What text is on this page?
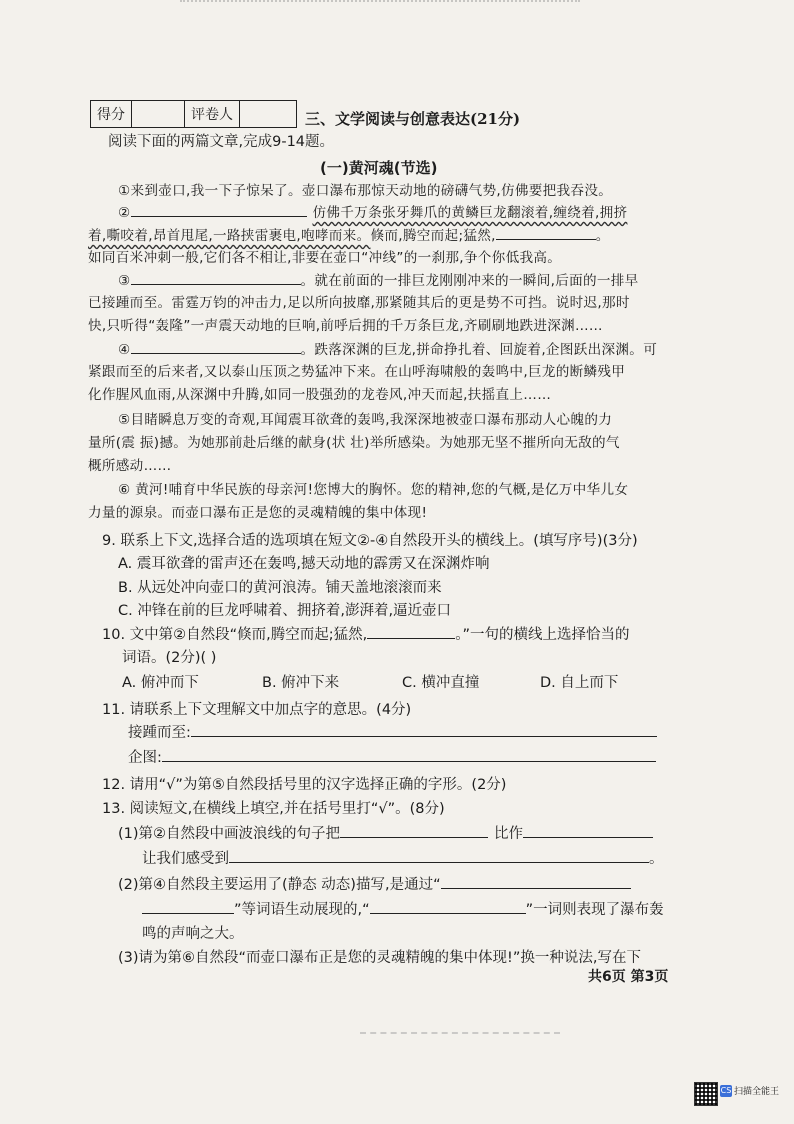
得分		评卷人		三、文学阅读与创意表达(21分)
阅读下面的两篇文章,完成9-14题。
(一)黄河魂(节选)
①来到壶口,我一下子惊呆了。壶口瀑布那惊天动地的磅礴气势,仿佛要把我吞没。
②	仿佛千万条张牙舞爪的黄鳞巨龙翻滚着,缠绕着,拥挤
着,嘶咬着,昂首甩尾,一路挟雷裹电,咆哮而来。倏而,腾空而起;猛然,	。
如同百米冲刺一般,它们各不相让,非要在壶口“冲线”的一刹那,争个你低我高。
③	。就在前面的一排巨龙刚刚冲来的一瞬间,后面的一排早
已接踵而至。雷霆万钧的冲击力,足以所向披靡,那紧随其后的更是势不可挡。说时迟,那时
快,只听得“轰隆”一声震天动地的巨响,前呼后拥的千万条巨龙,齐刷刷地跌进深渊……
④	。跌落深渊的巨龙,拼命挣扎着、回旋着,企图跃出深渊。可
紧跟而至的后来者,又以泰山压顶之势猛冲下来。在山呼海啸般的轰鸣中,巨龙的断鳞残甲
化作腥风血雨,从深渊中升腾,如同一股强劲的龙卷风,冲天而起,扶摇直上……
⑤目睹瞬息万变的奇观,耳闻震耳欲聋的轰鸣,我深深地被壶口瀑布那动人心魄的力
量所(震 振)撼。为她那前赴后继的献身(状 壮)举所感染。为她那无坚不摧所向无敌的气
概所感动……
⑥ 黄河!哺育中华民族的母亲河!您博大的胸怀。您的精神,您的气概,是亿万中华儿女
力量的源泉。而壶口瀑布正是您的灵魂精魄的集中体现!
9. 联系上下文,选择合适的选项填在短文②-④自然段开头的横线上。(填写序号)(3分)
A. 震耳欲聋的雷声还在轰鸣,撼天动地的霹雳又在深渊炸响
B. 从远处冲向壶口的黄河浪涛。铺天盖地滚滚而来
C. 冲锋在前的巨龙呼啸着、拥挤着,澎湃着,逼近壶口
10. 文中第②自然段“倏而,腾空而起;猛然,	。”一句的横线上选择恰当的
词语。(2分)( )
A. 俯冲而下	B. 俯冲下来	C. 横冲直撞	D. 自上而下
11. 请联系上下文理解文中加点字的意思。(4分)
接踵而至:
企图:
12. 请用“√”为第⑤自然段括号里的汉字选择正确的字形。(2分)
13. 阅读短文,在横线上填空,并在括号里打“√”。(8分)
(1)第②自然段中画波浪线的句子把	比作
让我们感受到	。
(2)第④自然段主要运用了(静态 动态)描写,是通过“
”等词语生动展现的,“	”一词则表现了瀑布轰
鸣的声响之大。
(3)请为第⑥自然段“而壶口瀑布正是您的灵魂精魄的集中体现!”换一种说法,写在下
共6页 第3页
CS 扫描全能王
